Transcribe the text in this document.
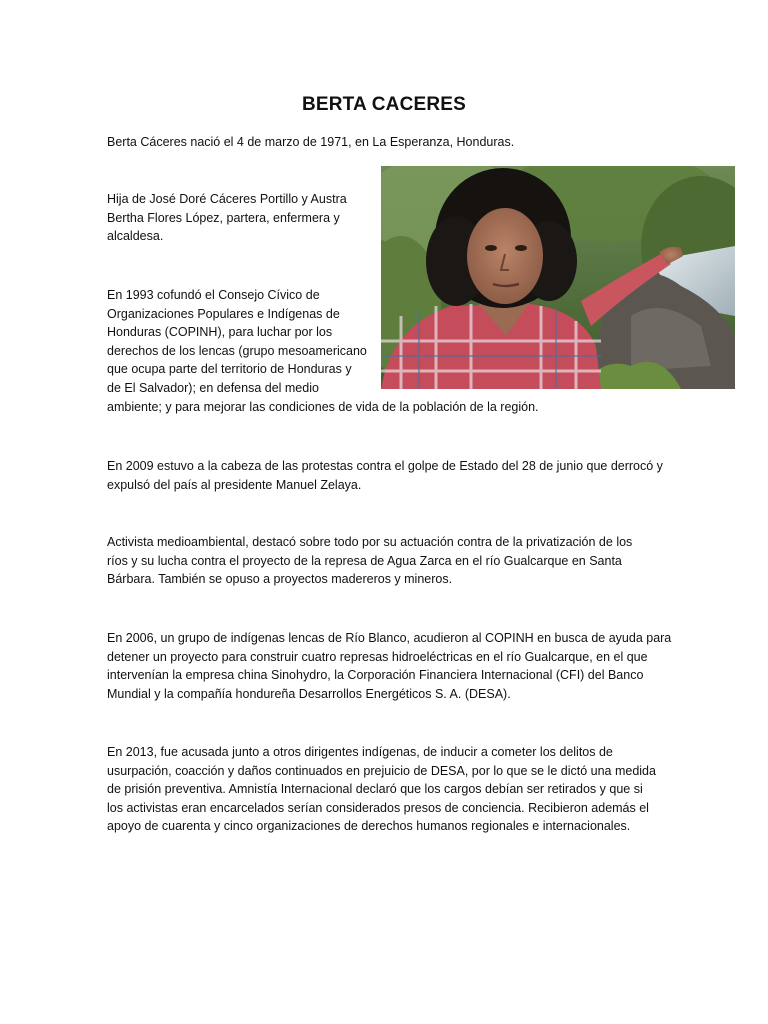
BERTA CACERES

Berta Cáceres nació el 4 de marzo de 1971, en La Esperanza, Honduras.

Hija de José Doré Cáceres Portillo y Austra
Bertha Flores López, partera, enfermera y
alcaldesa.

En 1993 cofundó el Consejo Cívico de
Organizaciones Populares e Indígenas de
Honduras (COPINH), para luchar por los
derechos de los lencas (grupo mesoamericano
que ocupa parte del territorio de Honduras y
de El Salvador); en defensa del medio

ambiente; y para mejorar las condiciones de vida de la población de la región.

En 2009 estuvo a la cabeza de las protestas contra el golpe de Estado del 28 de junio que derrocó y
expulsó del país al presidente Manuel Zelaya.

Activista medioambiental, destacó sobre todo por su actuación contra de la privatización de los
ríos y su lucha contra el proyecto de la represa de Agua Zarca en el río Gualcarque en Santa
Bárbara. También se opuso a proyectos madereros y mineros.

En 2006, un grupo de indígenas lencas de Río Blanco, acudieron al COPINH en busca de ayuda para
detener un proyecto para construir cuatro represas hidroeléctricas en el río Gualcarque, en el que
intervenían la empresa china Sinohydro, la Corporación Financiera Internacional (CFI) del Banco
Mundial y la compañía hondureña Desarrollos Energéticos S. A. (DESA).

En 2013, fue acusada junto a otros dirigentes indígenas, de inducir a cometer los delitos de
usurpación, coacción y daños continuados en prejuicio de DESA, por lo que se le dictó una medida
de prisión preventiva. Amnistía Internacional declaró que los cargos debían ser retirados y que si
los activistas eran encarcelados serían considerados presos de conciencia. Recibieron además el
apoyo de cuarenta y cinco organizaciones de derechos humanos regionales e internacionales.
